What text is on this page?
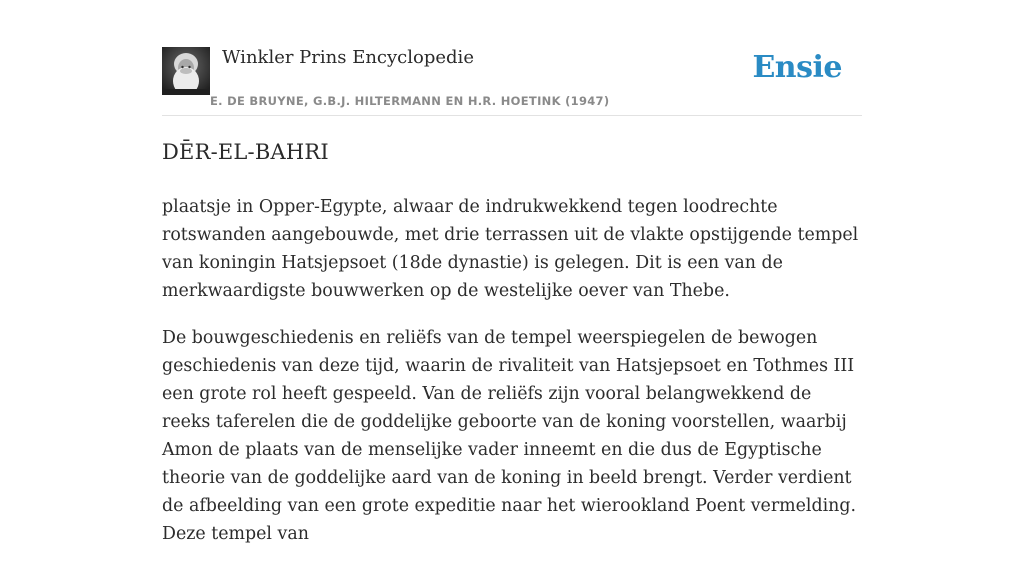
Winkler Prins Encyclopedie
E. DE BRUYNE, G.B.J. HILTERMANN EN H.R. HOETINK (1947)
Ensie
DĒR-EL-BAHRI

plaatsje in Opper-Egypte, alwaar de indrukwekkend tegen loodrechte rotswanden aangebouwde, met drie terrassen uit de vlakte opstijgende tempel van koningin Hatsjepsoet (18de dynastie) is gelegen. Dit is een van de merkwaardigste bouwwerken op de westelijke oever van Thebe.

De bouwgeschiedenis en reliëfs van de tempel weerspiegelen de bewogen geschiedenis van deze tijd, waarin de rivaliteit van Hatsjepsoet en Tothmes III een grote rol heeft gespeeld. Van de reliëfs zijn vooral belangwekkend de reeks taferelen die de goddelijke geboorte van de koning voorstellen, waarbij Amon de plaats van de menselijke vader inneemt en die dus de Egyptische theorie van de goddelijke aard van de koning in beeld brengt. Verder verdient de afbeelding van een grote expeditie naar het wierookland Poent vermelding. Deze tempel van
